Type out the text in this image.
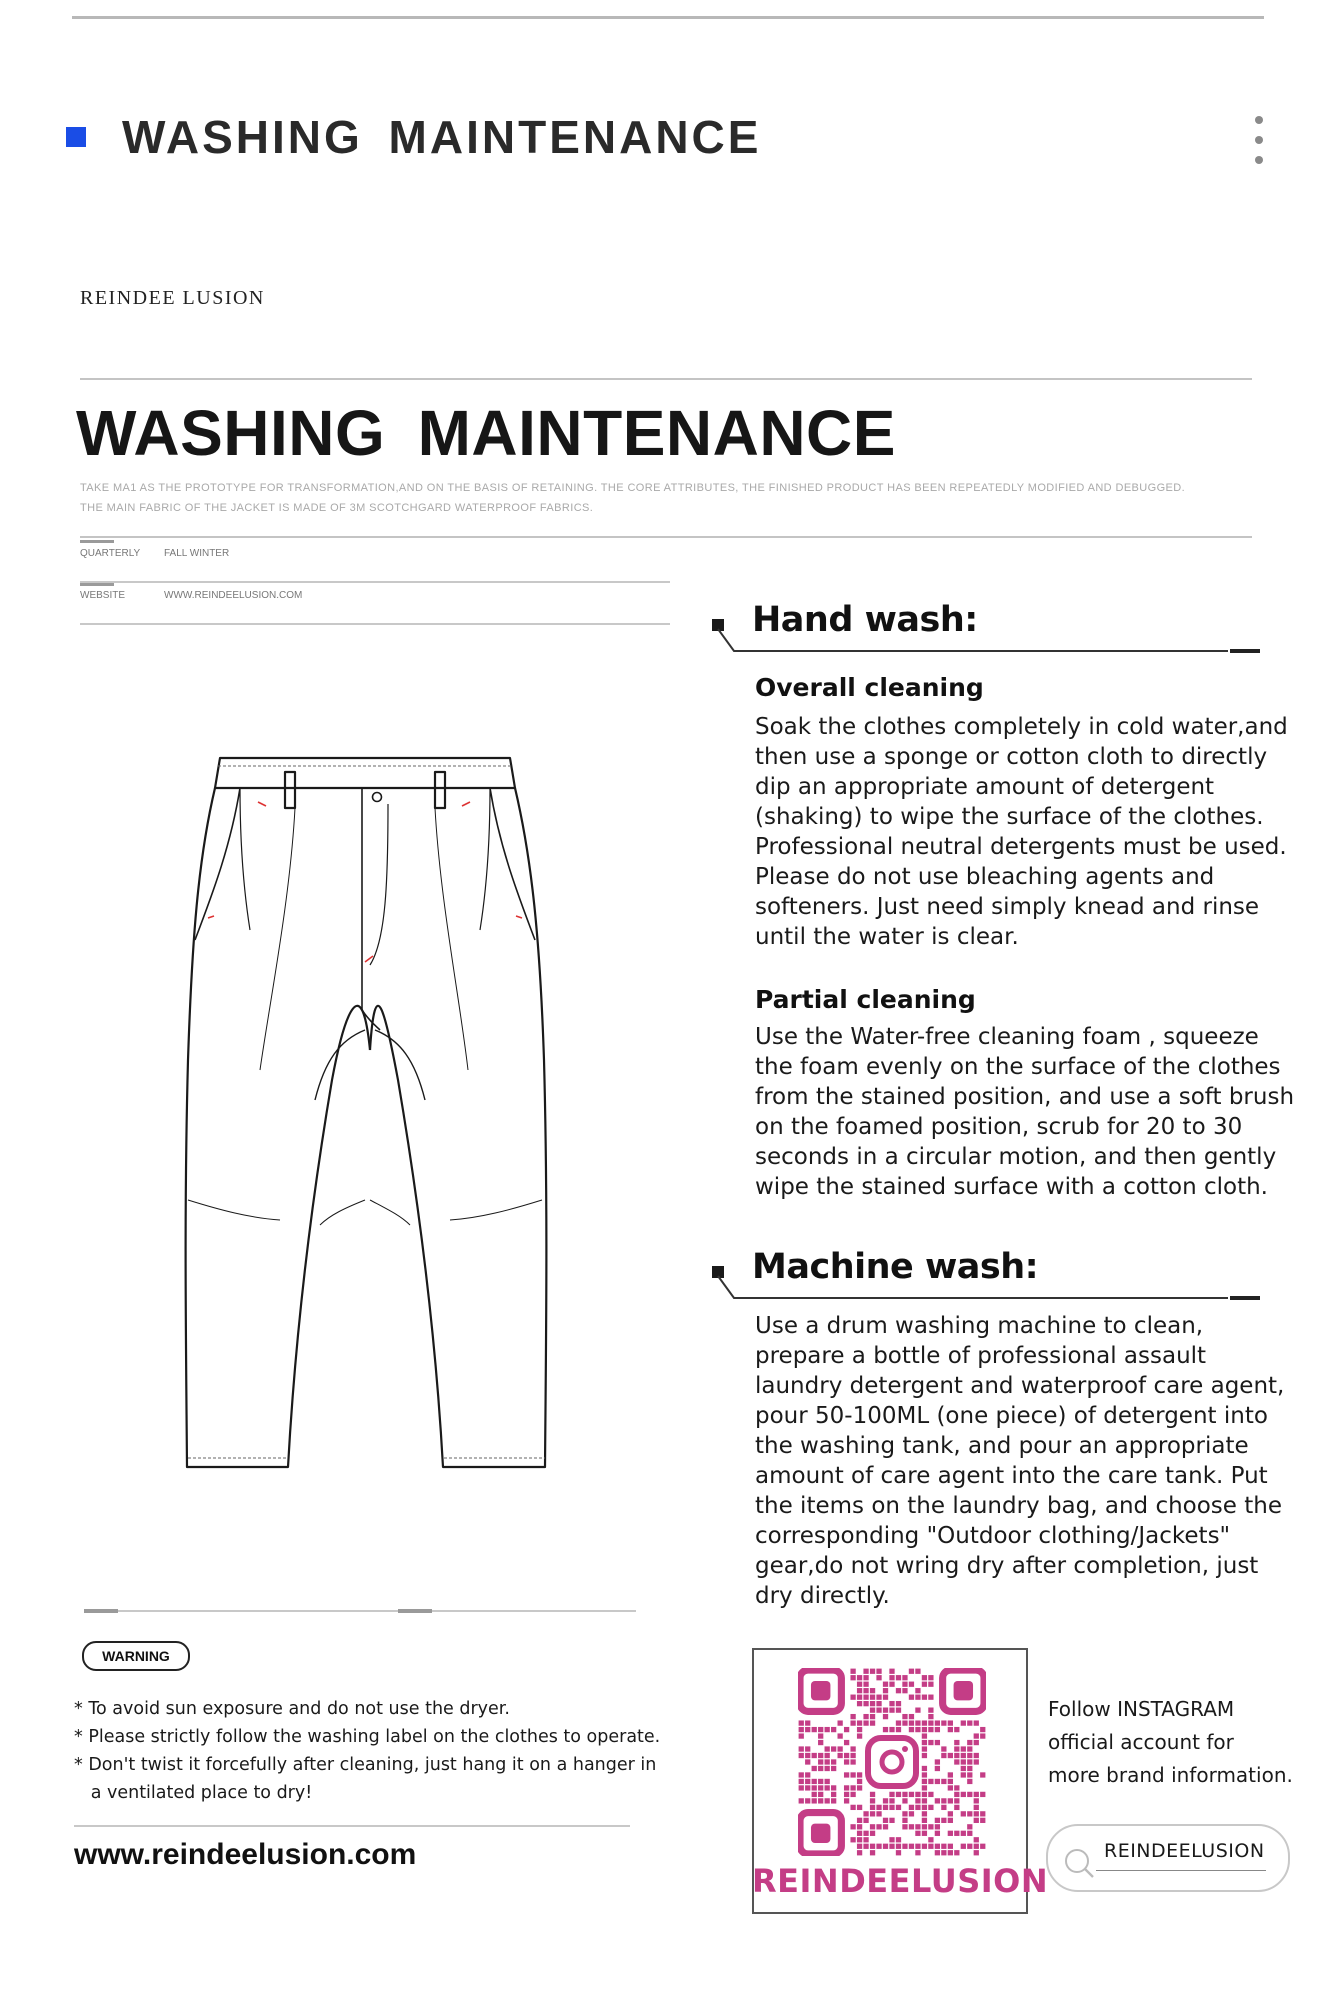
WASHING MAINTENANCE
REINDEE LUSION
WASHING MAINTENANCE
TAKE MA1 AS THE PROTOTYPE FOR TRANSFORMATION,AND ON THE BASIS OF RETAINING. THE CORE ATTRIBUTES, THE FINISHED PRODUCT HAS BEEN REPEATEDLY MODIFIED AND DEBUGGED.
THE MAIN FABRIC OF THE JACKET IS MADE OF 3M SCOTCHGARD WATERPROOF FABRICS.
QUARTERLY FALL WINTER
WEBSITE	WWW.REINDEELUSION.COM
Hand wash:
Overall cleaning
Soak the clothes completely in cold water,and
then use a sponge or cotton cloth to directly
dip an appropriate amount of detergent
(shaking) to wipe the surface of the clothes.
Professional neutral detergents must be used.
Please do not use bleaching agents and
softeners. Just need simply knead and rinse
until the water is clear.
Partial cleaning
Use the Water-free cleaning foam , squeeze
the foam evenly on the surface of the clothes
from the stained position, and use a soft brush
on the foamed position, scrub for 20 to 30
seconds in a circular motion, and then gently
wipe the stained surface with a cotton cloth.
Machine wash:
Use a drum washing machine to clean,
prepare a bottle of professional assault
laundry detergent and waterproof care agent,
pour 50-100ML (one piece) of detergent into
the washing tank, and pour an appropriate
amount of care agent into the care tank. Put
the items on the laundry bag, and choose the
corresponding "Outdoor clothing/Jackets"
gear,do not wring dry after completion, just
dry directly.
WARNING
* To avoid sun exposure and do not use the dryer.
* Please strictly follow the washing label on the clothes to operate.
* Don't twist it forcefully after cleaning, just hang it on a hanger in
a ventilated place to dry!
www.reindeelusion.com
REINDEELUSION
Follow INSTAGRAM
official account for
more brand information.
REINDEELUSION
